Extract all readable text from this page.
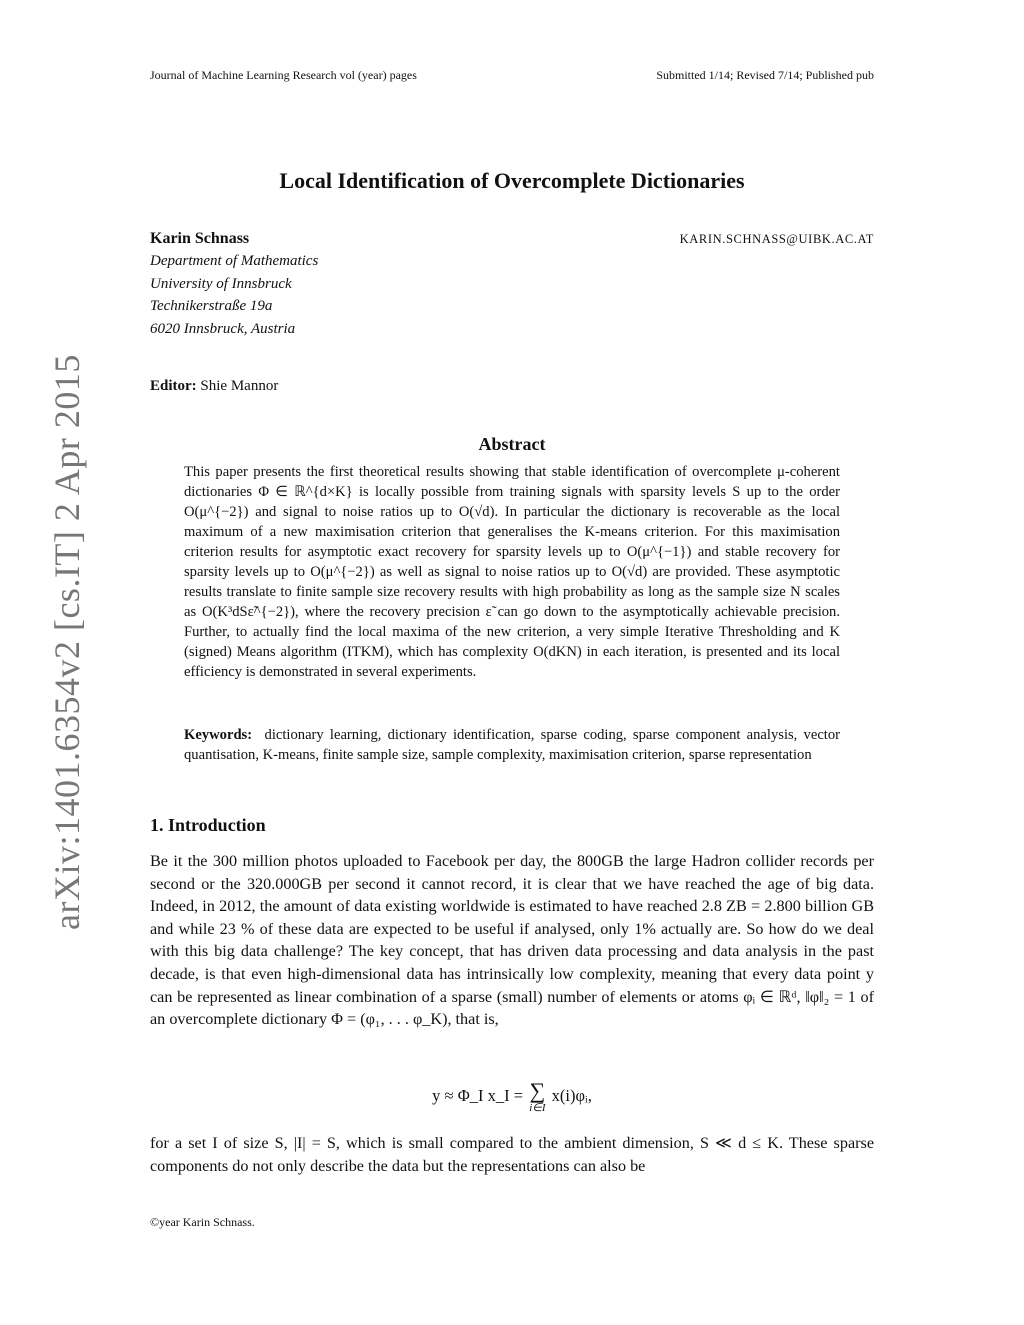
Journal of Machine Learning Research vol (year) pages	Submitted 1/14; Revised 7/14; Published pub
arXiv:1401.6354v2 [cs.IT] 2 Apr 2015
Local Identification of Overcomplete Dictionaries
Karin Schnass
Department of Mathematics
University of Innsbruck
Technikerstraße 19a
6020 Innsbruck, Austria
KARIN.SCHNASS@UIBK.AC.AT
Editor: Shie Mannor
Abstract
This paper presents the first theoretical results showing that stable identification of overcomplete μ-coherent dictionaries Φ ∈ ℝ^{d×K} is locally possible from training signals with sparsity levels S up to the order O(μ^{−2}) and signal to noise ratios up to O(√d). In particular the dictionary is recoverable as the local maximum of a new maximisation criterion that generalises the K-means criterion. For this maximisation criterion results for asymptotic exact recovery for sparsity levels up to O(μ^{−1}) and stable recovery for sparsity levels up to O(μ^{−2}) as well as signal to noise ratios up to O(√d) are provided. These asymptotic results translate to finite sample size recovery results with high probability as long as the sample size N scales as O(K³dSε̃^{−2}), where the recovery precision ε̃ can go down to the asymptotically achievable precision. Further, to actually find the local maxima of the new criterion, a very simple Iterative Thresholding and K (signed) Means algorithm (ITKM), which has complexity O(dKN) in each iteration, is presented and its local efficiency is demonstrated in several experiments.
Keywords: dictionary learning, dictionary identification, sparse coding, sparse component analysis, vector quantisation, K-means, finite sample size, sample complexity, maximisation criterion, sparse representation
1. Introduction
Be it the 300 million photos uploaded to Facebook per day, the 800GB the large Hadron collider records per second or the 320.000GB per second it cannot record, it is clear that we have reached the age of big data. Indeed, in 2012, the amount of data existing worldwide is estimated to have reached 2.8 ZB = 2.800 billion GB and while 23 % of these data are expected to be useful if analysed, only 1% actually are. So how do we deal with this big data challenge? The key concept, that has driven data processing and data analysis in the past decade, is that even high-dimensional data has intrinsically low complexity, meaning that every data point y can be represented as linear combination of a sparse (small) number of elements or atoms φᵢ ∈ ℝᵈ, ‖φ‖₂ = 1 of an overcomplete dictionary Φ = (φ₁, . . . φ_K), that is,
y ≈ Φ_I x_I = ∑
i∈I
x(i)φᵢ,
for a set I of size S, |I| = S, which is small compared to the ambient dimension, S ≪ d ≤ K. These sparse components do not only describe the data but the representations can also be
©year Karin Schnass.
